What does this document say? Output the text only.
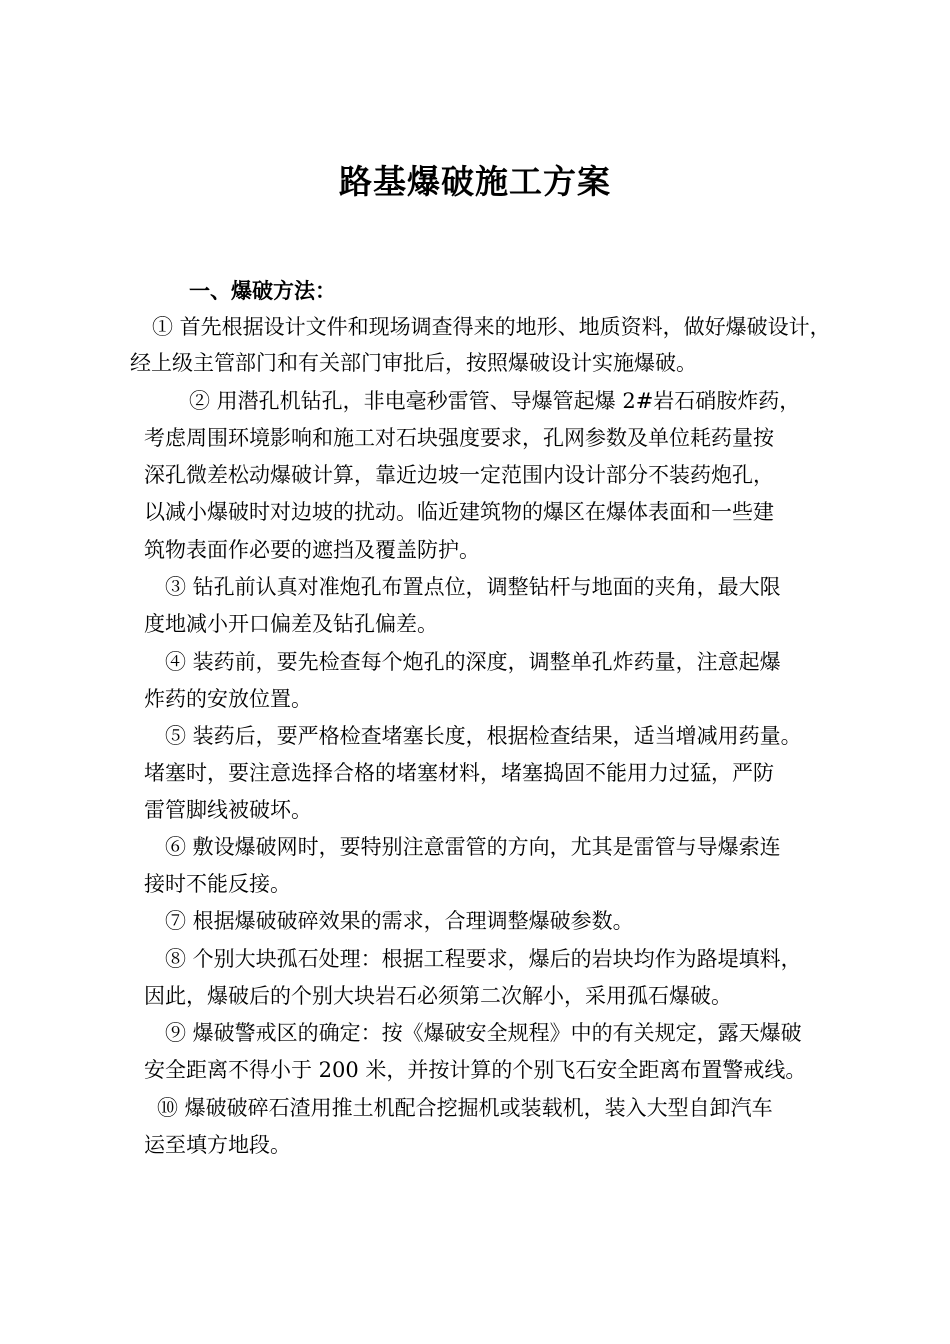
路基爆破施工方案
一、爆破方法：
① 首先根据设计文件和现场调查得来的地形、地质资料，做好爆破设计，
经上级主管部门和有关部门审批后，按照爆破设计实施爆破。
② 用潜孔机钻孔，非电毫秒雷管、导爆管起爆 2#岩石硝胺炸药，
考虑周围环境影响和施工对石块强度要求，孔网参数及单位耗药量按
深孔微差松动爆破计算，靠近边坡一定范围内设计部分不装药炮孔，
以减小爆破时对边坡的扰动。临近建筑物的爆区在爆体表面和一些建
筑物表面作必要的遮挡及覆盖防护。
③ 钻孔前认真对准炮孔布置点位，调整钻杆与地面的夹角，最大限
度地减小开口偏差及钻孔偏差。
④ 装药前，要先检查每个炮孔的深度，调整单孔炸药量，注意起爆
炸药的安放位置。
⑤ 装药后，要严格检查堵塞长度，根据检查结果，适当增减用药量。
堵塞时，要注意选择合格的堵塞材料，堵塞捣固不能用力过猛，严防
雷管脚线被破坏。
⑥ 敷设爆破网时，要特别注意雷管的方向，尤其是雷管与导爆索连
接时不能反接。
⑦ 根据爆破破碎效果的需求，合理调整爆破参数。
⑧ 个别大块孤石处理：根据工程要求，爆后的岩块均作为路堤填料，
因此，爆破后的个别大块岩石必须第二次解小，采用孤石爆破。
⑨ 爆破警戒区的确定：按《爆破安全规程》中的有关规定，露天爆破
安全距离不得小于 200 米，并按计算的个别飞石安全距离布置警戒线。
⑩ 爆破破碎石渣用推土机配合挖掘机或装载机，装入大型自卸汽车
运至填方地段。
